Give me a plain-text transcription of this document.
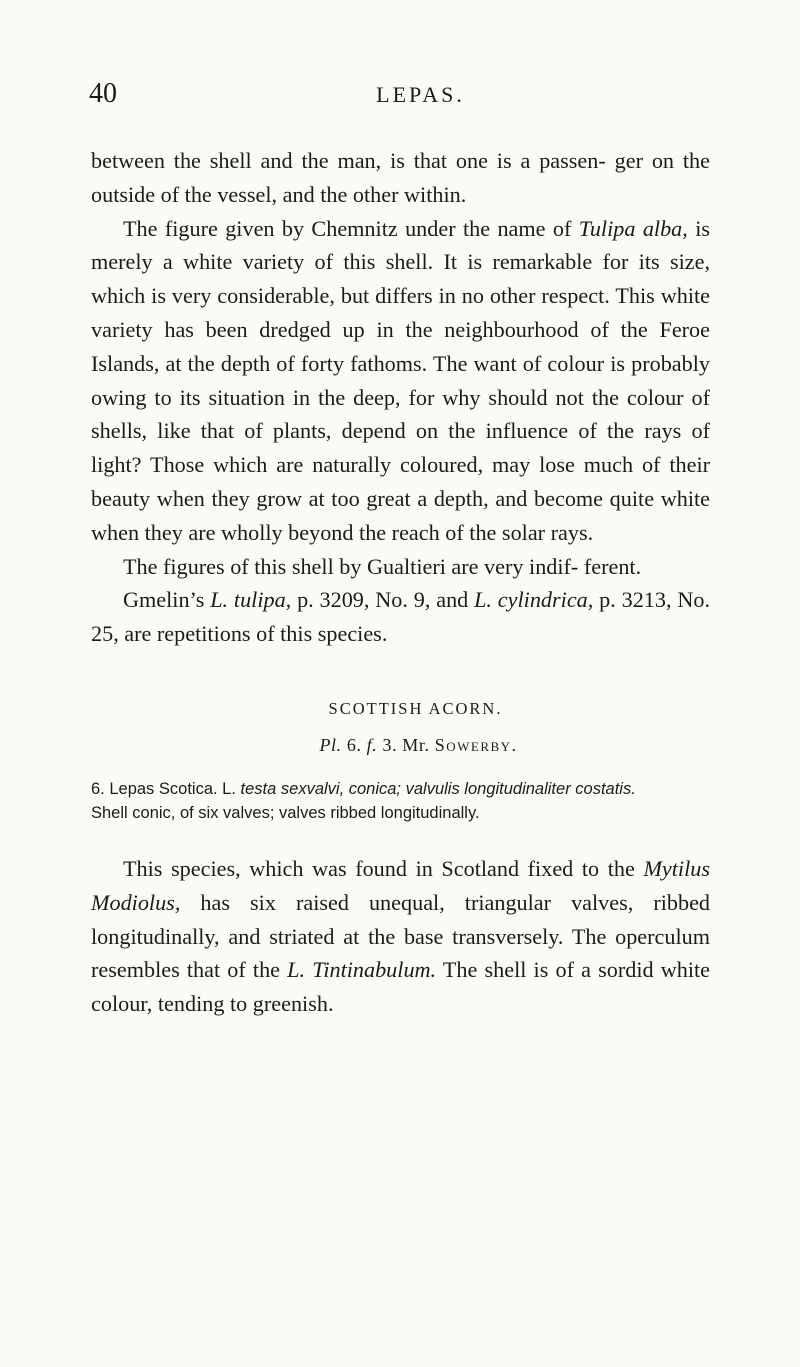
40	LEPAS.

between the shell and the man, is that one is a passen- ger on the outside of the vessel, and the other within.

The figure given by Chemnitz under the name of Tulipa alba, is merely a white variety of this shell. It is remarkable for its size, which is very considerable, but differs in no other respect. This white variety has been dredged up in the neighbourhood of the Feroe Islands, at the depth of forty fathoms. The want of colour is probably owing to its situation in the deep, for why should not the colour of shells, like that of plants, depend on the influence of the rays of light? Those which are naturally coloured, may lose much of their beauty when they grow at too great a depth, and become quite white when they are wholly beyond the reach of the solar rays.

The figures of this shell by Gualtieri are very indif- ferent.

Gmelin’s L. tulipa, p. 3209, No. 9, and L. cylindrica, p. 3213, No. 25, are repetitions of this species.

SCOTTISH ACORN.
Pl. 6. f. 3. Mr. Sowerby.

6. Lepas Scotica. L. testa sexvalvi, conica; valvulis longitudinaliter costatis.

Shell conic, of six valves; valves ribbed longitudinally.

This species, which was found in Scotland fixed to the Mytilus Modiolus, has six raised unequal, triangular valves, ribbed longitudinally, and striated at the base transversely. The operculum resembles that of the L. Tintinabulum. The shell is of a sordid white colour, tending to greenish.
